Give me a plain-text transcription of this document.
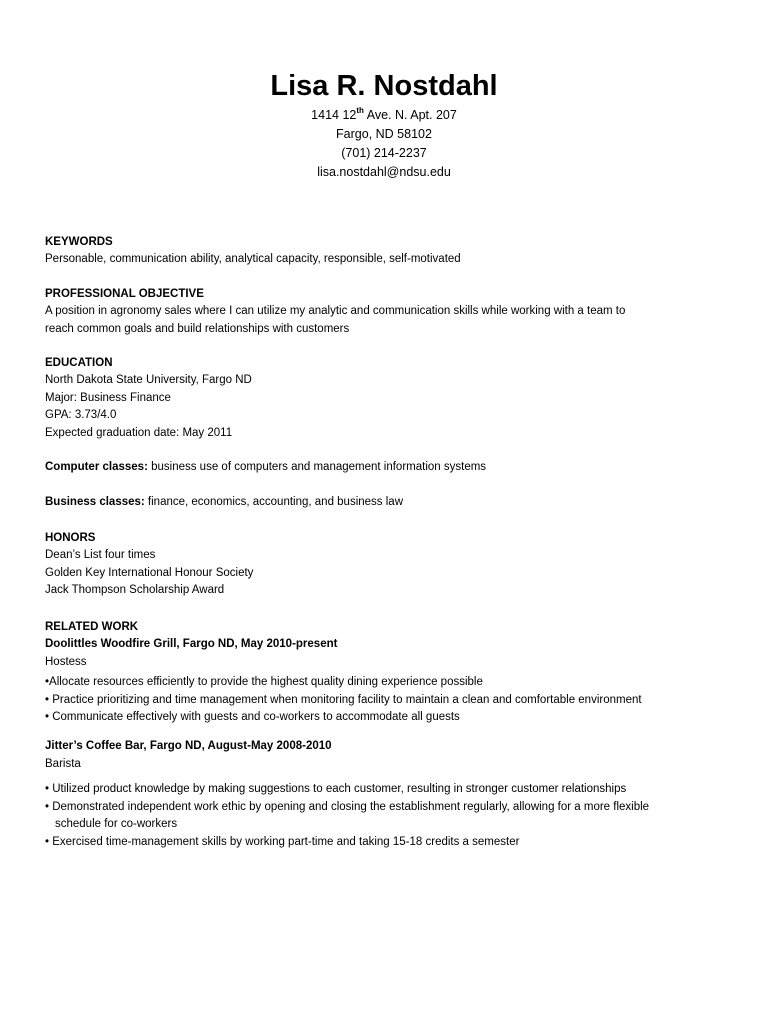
Lisa R. Nostdahl
1414 12th Ave. N. Apt. 207
Fargo, ND 58102
(701) 214-2237
lisa.nostdahl@ndsu.edu
KEYWORDS
Personable, communication ability, analytical capacity, responsible, self-motivated
PROFESSIONAL OBJECTIVE
A position in agronomy sales where I can utilize my analytic and communication skills while working with a team to
reach common goals and build relationships with customers
EDUCATION
North Dakota State University, Fargo ND
Major: Business Finance
GPA: 3.73/4.0
Expected graduation date: May 2011
Computer classes: business use of computers and management information systems
Business classes: finance, economics, accounting, and business law
HONORS
Dean’s List four times
Golden Key International Honour Society
Jack Thompson Scholarship Award
RELATED WORK
Doolittles Woodfire Grill, Fargo ND, May 2010-present
Hostess
•Allocate resources efficiently to provide the highest quality dining experience possible
• Practice prioritizing and time management when monitoring facility to maintain a clean and comfortable environment
• Communicate effectively with guests and co-workers to accommodate all guests
Jitter’s Coffee Bar, Fargo ND, August-May 2008-2010
Barista
• Utilized product knowledge by making suggestions to each customer, resulting in stronger customer relationships
• Demonstrated independent work ethic by opening and closing the establishment regularly, allowing for a more flexible
schedule for co-workers
• Exercised time-management skills by working part-time and taking 15-18 credits a semester
